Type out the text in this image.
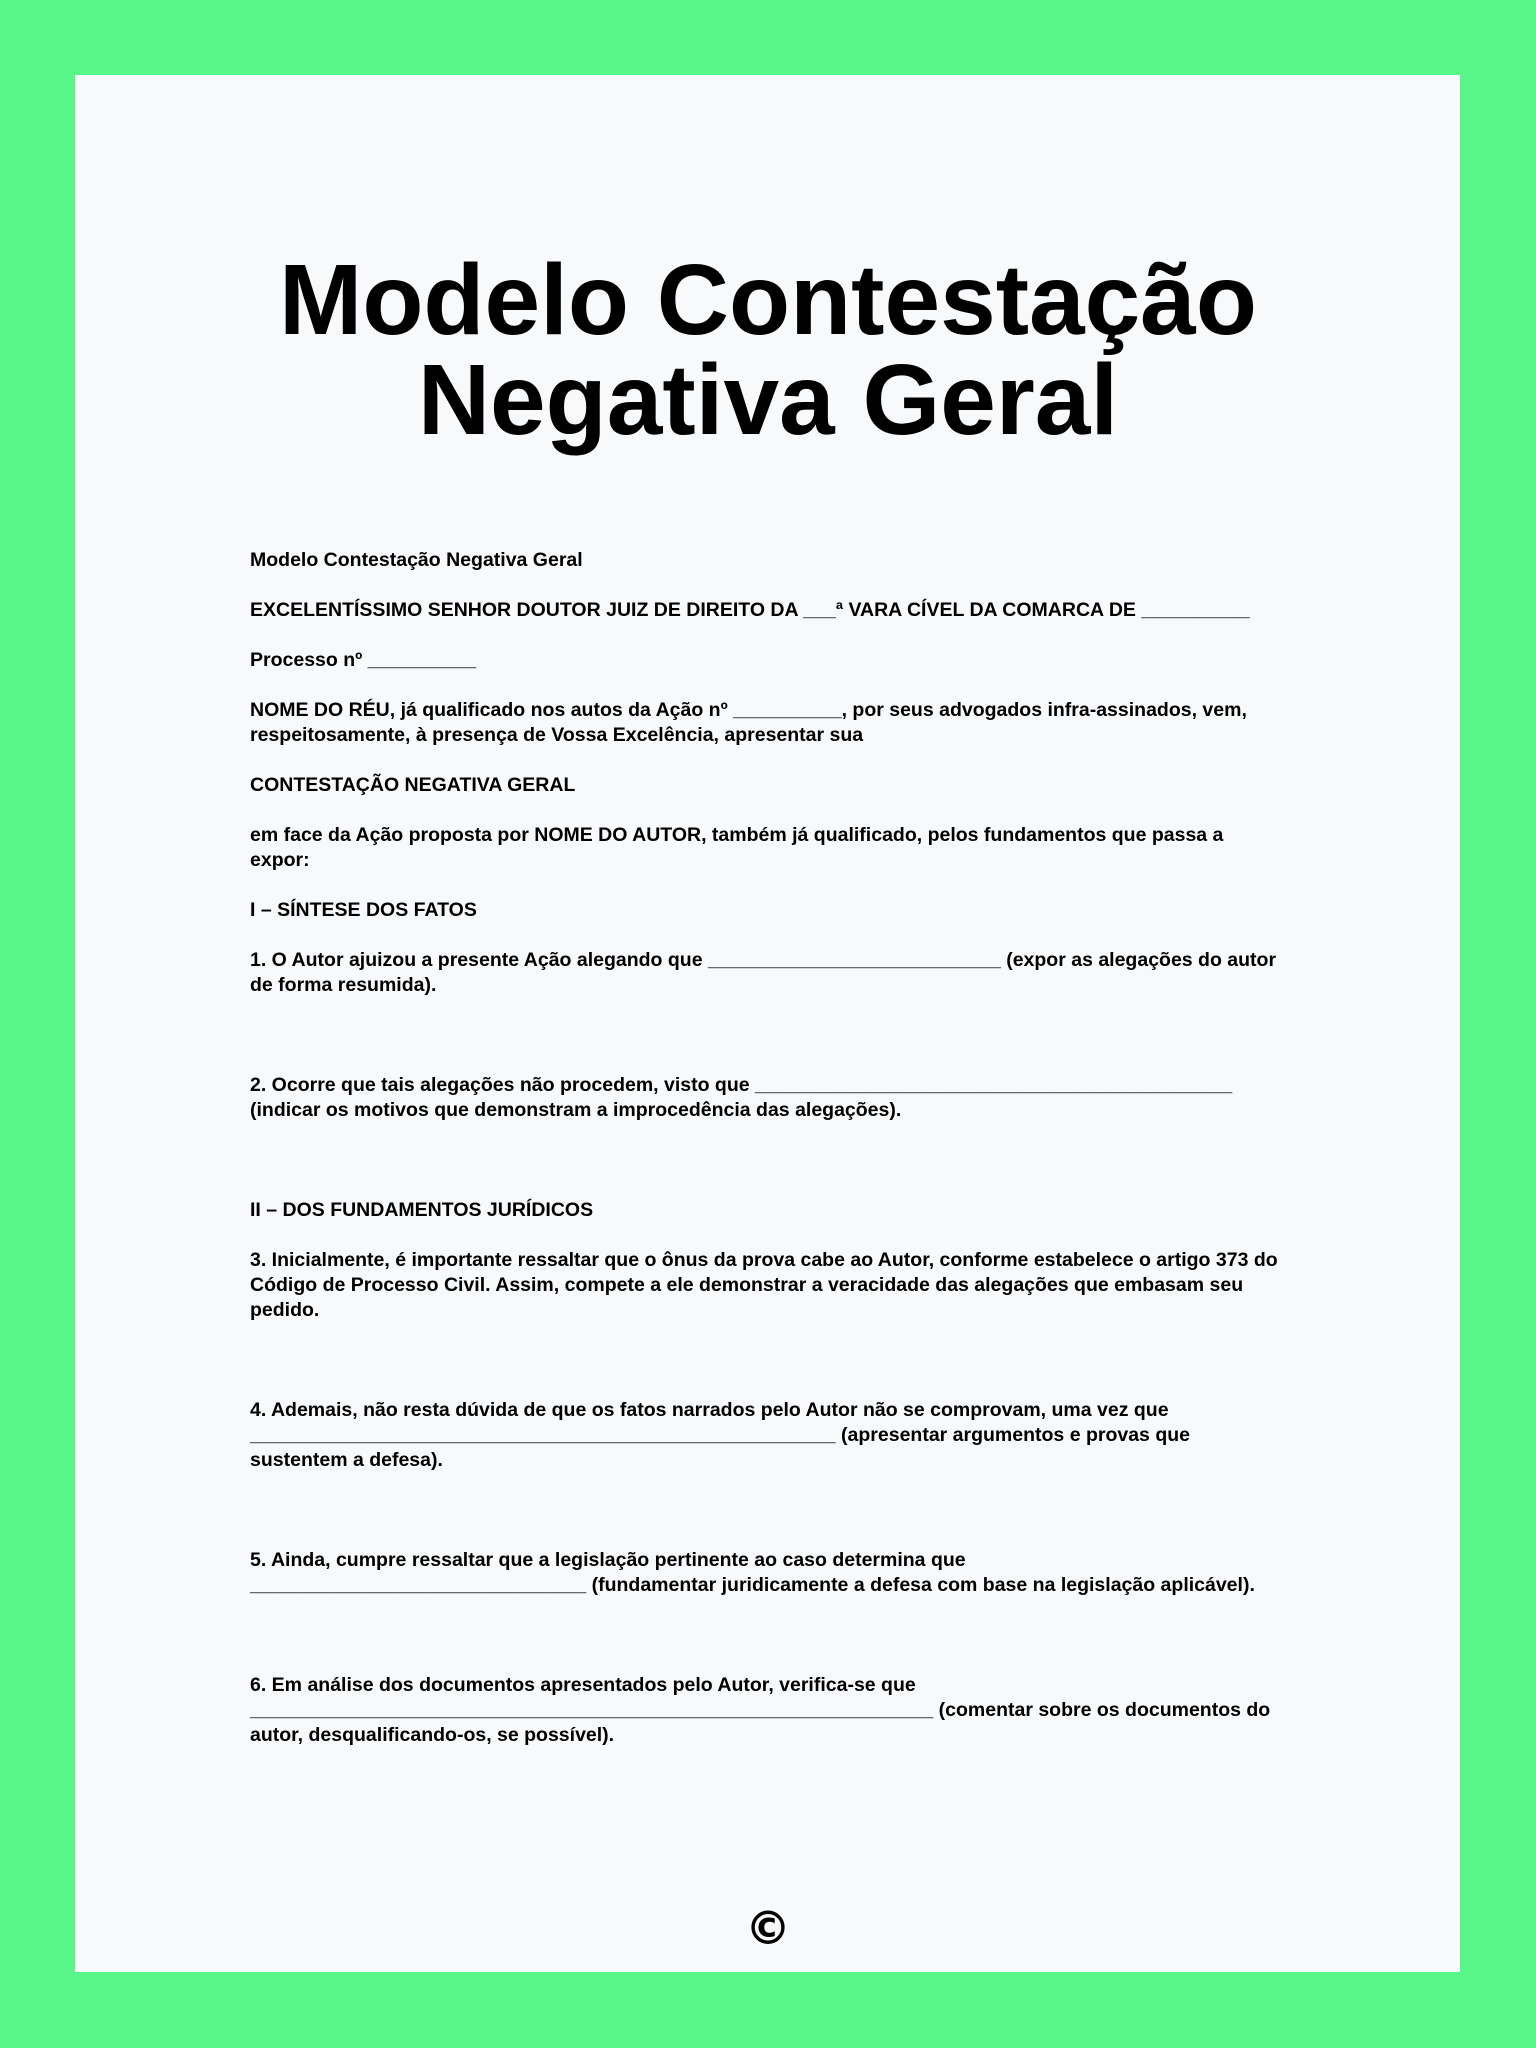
Modelo Contestação
Negativa Geral

Modelo Contestação Negativa Geral

EXCELENTÍSSIMO SENHOR DOUTOR JUIZ DE DIREITO DA ___ª VARA CÍVEL DA COMARCA DE __________

Processo nº __________

NOME DO RÉU, já qualificado nos autos da Ação nº __________, por seus advogados infra-assinados, vem, respeitosamente, à presença de Vossa Excelência, apresentar sua

CONTESTAÇÃO NEGATIVA GERAL

em face da Ação proposta por NOME DO AUTOR, também já qualificado, pelos fundamentos que passa a expor:

I – SÍNTESE DOS FATOS

1. O Autor ajuizou a presente Ação alegando que ___________________________ (expor as alegações do autor de forma resumida).

2. Ocorre que tais alegações não procedem, visto que ____________________________________________ (indicar os motivos que demonstram a improcedência das alegações).

II – DOS FUNDAMENTOS JURÍDICOS

3. Inicialmente, é importante ressaltar que o ônus da prova cabe ao Autor, conforme estabelece o artigo 373 do Código de Processo Civil. Assim, compete a ele demonstrar a veracidade das alegações que embasam seu pedido.

4. Ademais, não resta dúvida de que os fatos narrados pelo Autor não se comprovam, uma vez que ______________________________________________________ (apresentar argumentos e provas que sustentem a defesa).

5. Ainda, cumpre ressaltar que a legislação pertinente ao caso determina que _______________________________ (fundamentar juridicamente a defesa com base na legislação aplicável).

6. Em análise dos documentos apresentados pelo Autor, verifica-se que _______________________________________________________________ (comentar sobre os documentos do autor, desqualificando-os, se possível).

©
